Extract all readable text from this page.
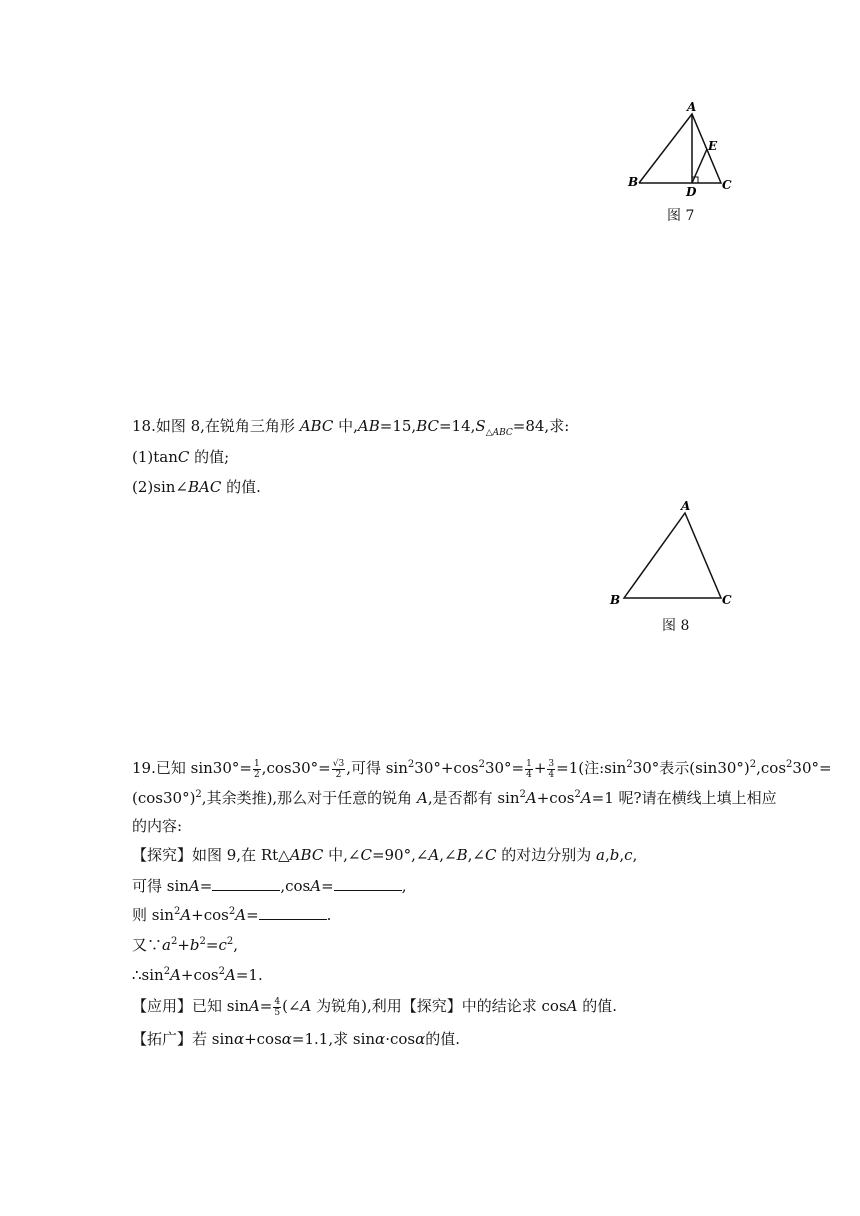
A
B	C
D
E
图 7
18.如图 8,在锐角三角形 ABC 中$,AB=15,BC=14,S_{\triangle ABC}=84$,求:
(1)tanC 的值;
(2)sin∠BAC 的值.
A
B	C
图 8
19.已知 $\sin 30^\circ= \frac{1}{2} ,\cos 30^\circ= \frac{√3}{2}$ ,可得 $\sin^230^\circ+\cos^230^\circ= \frac{1}{4} + \frac{3}{4} =1$(注$:\sin^230^\circ$表示$(\sin 30^\circ)^2,\cos^230^\circ=$
$(\cos 30^\circ)^2$,其余类推),那么对于任意的锐角 A,是否都有 $\sin^2A+\cos^2A=1$ 呢?请在横线上填上相应
的内容:
【探究】如图 9,在 Rt△ABC 中,∠C=90°,∠A,∠B,∠C 的对边分别为 a,b,c,
可得 sinA=	,cosA=	,
则 $\sin^2A+\cos^2A=$	.
又$\because a^2+b^2=c^2$,
$\therefore\sin^2A+\cos^2A=1$.
【应用】已知 $\sin A= \frac{4}{5}$ (∠A 为锐角),利用【探究】中的结论求 cosA 的值.
【拓广】若 sinα+cosα=1.1,求 sinα·cosα的值.
